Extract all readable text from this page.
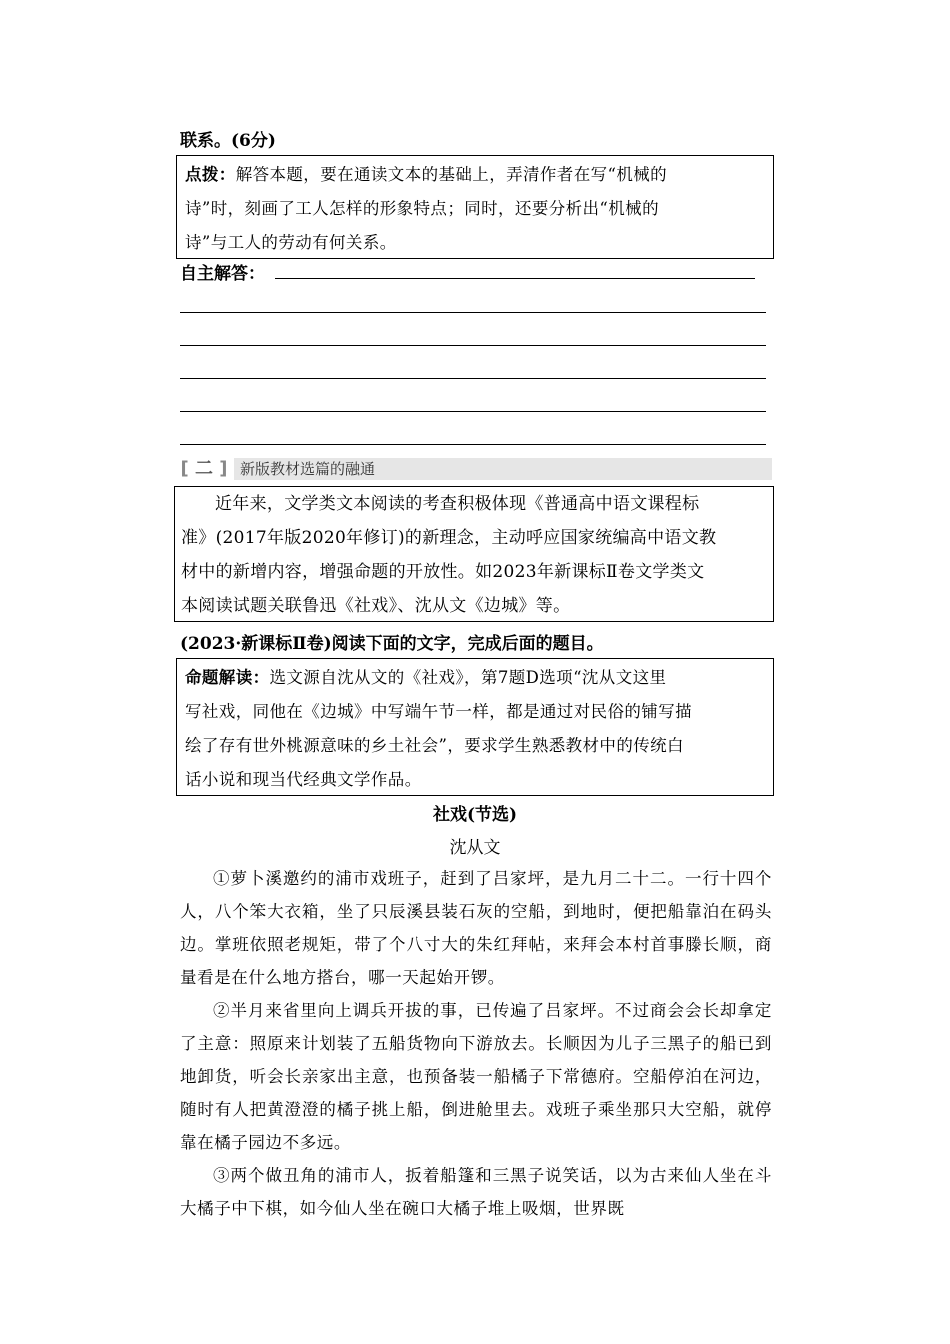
联系。(6分)
点拨：解答本题，要在通读文本的基础上，弄清作者在写“机械的
诗”时，刻画了工人怎样的形象特点；同时，还要分析出“机械的
诗”与工人的劳动有何关系。
自主解答：
[ 二 ] 新版教材选篇的融通
近年来，文学类文本阅读的考查积极体现《普通高中语文课程标
准》(2017年版2020年修订)的新理念，主动呼应国家统编高中语文教
材中的新增内容，增强命题的开放性。如2023年新课标Ⅱ卷文学类文
本阅读试题关联鲁迅《社戏》、沈从文《边城》等。
(2023·新课标Ⅱ卷)阅读下面的文字，完成后面的题目。
命题解读：选文源自沈从文的《社戏》，第7题D选项“沈从文这里
写社戏，同他在《边城》中写端午节一样，都是通过对民俗的铺写描
绘了存有世外桃源意味的乡土社会”，要求学生熟悉教材中的传统白
话小说和现当代经典文学作品。
社戏(节选)
沈从文
①萝卜溪邀约的浦市戏班子，赶到了吕家坪，是九月二十二。一行十四个人，八个笨大衣箱，坐了只辰溪县装石灰的空船，到地时，便把船靠泊在码头边。掌班依照老规矩，带了个八寸大的朱红拜帖，来拜会本村首事滕长顺，商量看是在什么地方搭台，哪一天起始开锣。
②半月来省里向上调兵开拔的事，已传遍了吕家坪。不过商会会长却拿定了主意：照原来计划装了五船货物向下游放去。长顺因为儿子三黑子的船已到地卸货，听会长亲家出主意，也预备装一船橘子下常德府。空船停泊在河边，随时有人把黄澄澄的橘子挑上船，倒进舱里去。戏班子乘坐那只大空船，就停靠在橘子园边不多远。
③两个做丑角的浦市人，扳着船篷和三黑子说笑话，以为古来仙人坐在斗大橘子中下棋，如今仙人坐在碗口大橘子堆上吸烟，世界既
